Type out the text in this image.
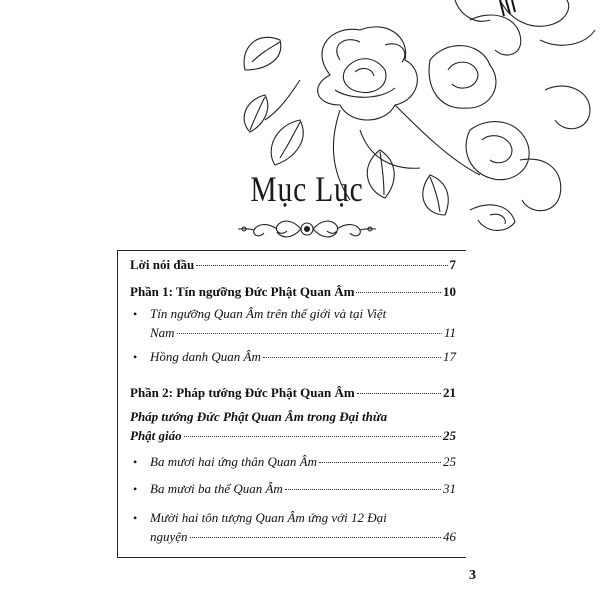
Mục Lục
Lời nói đầu	7
Phần 1: Tín ngưỡng Đức Phật Quan Âm	10
• Tín ngưỡng Quan Âm trên thế giới và tại Việt
Nam	11
• Hồng danh Quan Âm	17
Phần 2: Pháp tướng Đức Phật Quan Âm	21
Pháp tướng Đức Phật Quan Âm trong Đại thừa
Phật giáo	25
• Ba mươi hai ứng thân Quan Âm	25
• Ba mươi ba thể Quan Âm	31
• Mười hai tôn tượng Quan Âm ứng với 12 Đại
nguyện	46
3
